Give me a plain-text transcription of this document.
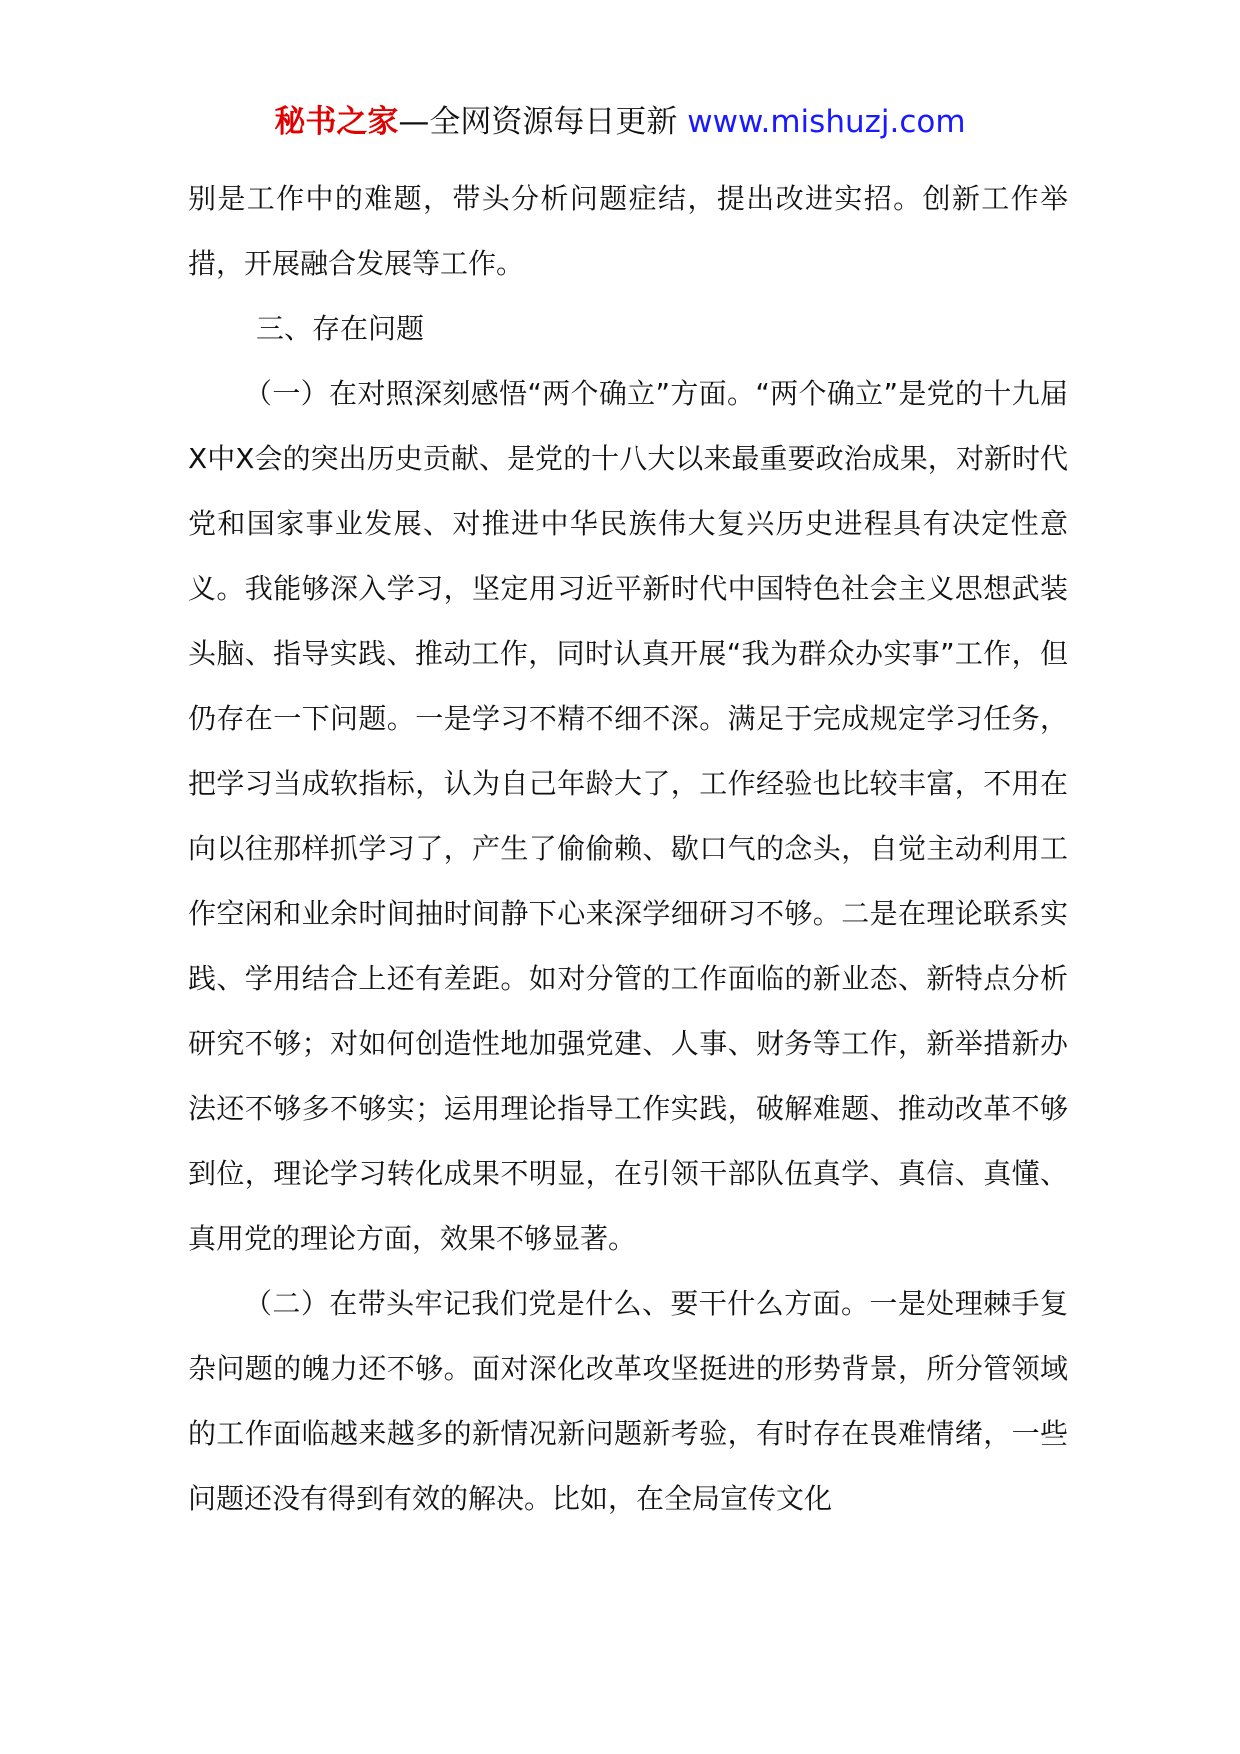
秘书之家—全网资源每日更新 www.mishuzj.com

别是工作中的难题，带头分析问题症结，提出改进实招。创新工作举措，开展融合发展等工作。

三、存在问题

（一）在对照深刻感悟“两个确立”方面。“两个确立”是党的十九届X中X会的突出历史贡献、是党的十八大以来最重要政治成果，对新时代党和国家事业发展、对推进中华民族伟大复兴历史进程具有决定性意义。我能够深入学习，坚定用习近平新时代中国特色社会主义思想武装头脑、指导实践、推动工作，同时认真开展“我为群众办实事”工作，但仍存在一下问题。一是学习不精不细不深。满足于完成规定学习任务，把学习当成软指标，认为自己年龄大了，工作经验也比较丰富，不用在向以往那样抓学习了，产生了偷偷赖、歇口气的念头，自觉主动利用工作空闲和业余时间抽时间静下心来深学细研习不够。二是在理论联系实践、学用结合上还有差距。如对分管的工作面临的新业态、新特点分析研究不够；对如何创造性地加强党建、人事、财务等工作，新举措新办法还不够多不够实；运用理论指导工作实践，破解难题、推动改革不够到位，理论学习转化成果不明显，在引领干部队伍真学、真信、真懂、真用党的理论方面，效果不够显著。

（二）在带头牢记我们党是什么、要干什么方面。一是处理棘手复杂问题的魄力还不够。面对深化改革攻坚挺进的形势背景，所分管领域的工作面临越来越多的新情况新问题新考验，有时存在畏难情绪，一些问题还没有得到有效的解决。比如，在全局宣传文化
